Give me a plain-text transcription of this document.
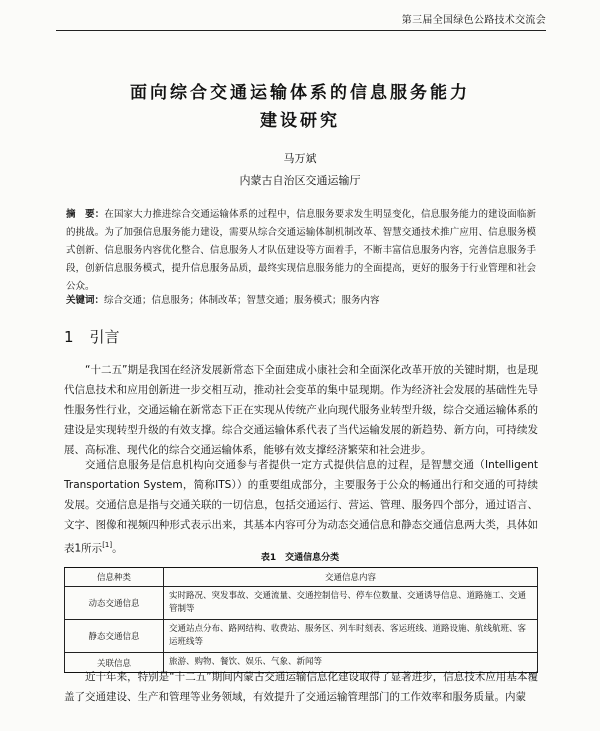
第三届全国绿色公路技术交流会
面向综合交通运输体系的信息服务能力
建设研究
马万斌
内蒙古自治区交通运输厅
摘　要：在国家大力推进综合交通运输体系的过程中，信息服务要求发生明显变化，信息服务能力的建设面临新的挑战。为了加强信息服务能力建设，需要从综合交通运输体制机制改革、智慧交通技术推广应用、信息服务模式创新、信息服务内容优化整合、信息服务人才队伍建设等方面着手，不断丰富信息服务内容，完善信息服务手段，创新信息服务模式，提升信息服务品质，最终实现信息服务能力的全面提高，更好的服务于行业管理和社会公众。
关键词：综合交通；信息服务；体制改革；智慧交通；服务模式；服务内容
1 引言
“十二五”期是我国在经济发展新常态下全面建成小康社会和全面深化改革开放的关键时期，也是现代信息技术和应用创新进一步交相互动，推动社会变革的集中显现期。作为经济社会发展的基础性先导性服务性行业，交通运输在新常态下正在实现从传统产业向现代服务业转型升级，综合交通运输体系的建设是实现转型升级的有效支撑。综合交通运输体系代表了当代运输发展的新趋势、新方向，可持续发展、高标准、现代化的综合交通运输体系，能够有效支撑经济繁荣和社会进步。
交通信息服务是信息机构向交通参与者提供一定方式提供信息的过程，是智慧交通（Intelligent Transportation System，简称ITS））的重要组成部分，主要服务于公众的畅通出行和交通的可持续发展。交通信息是指与交通关联的一切信息，包括交通运行、营运、管理、服务四个部分，通过语言、文字、图像和视频四种形式表示出来，其基本内容可分为动态交通信息和静态交通信息两大类，具体如表1所示[1]。
表1　交通信息分类
信息种类	交通信息内容
动态交通信息	实时路况、突发事故、交通流量、交通控制信号、停车位数量、交通诱导信息、道路施工、交通管制等
静态交通信息	交通站点分布、路网结构、收费站、服务区、列车时刻表、客运班线、道路设施、航线航班、客运班线等
关联信息	旅游、购物、餐饮、娱乐、气象、新闻等
近十年来，特别是“十二五”期间内蒙古交通运输信息化建设取得了显著进步，信息技术应用基本覆盖了交通建设、生产和管理等业务领域，有效提升了交通运输管理部门的工作效率和服务质量。内蒙
